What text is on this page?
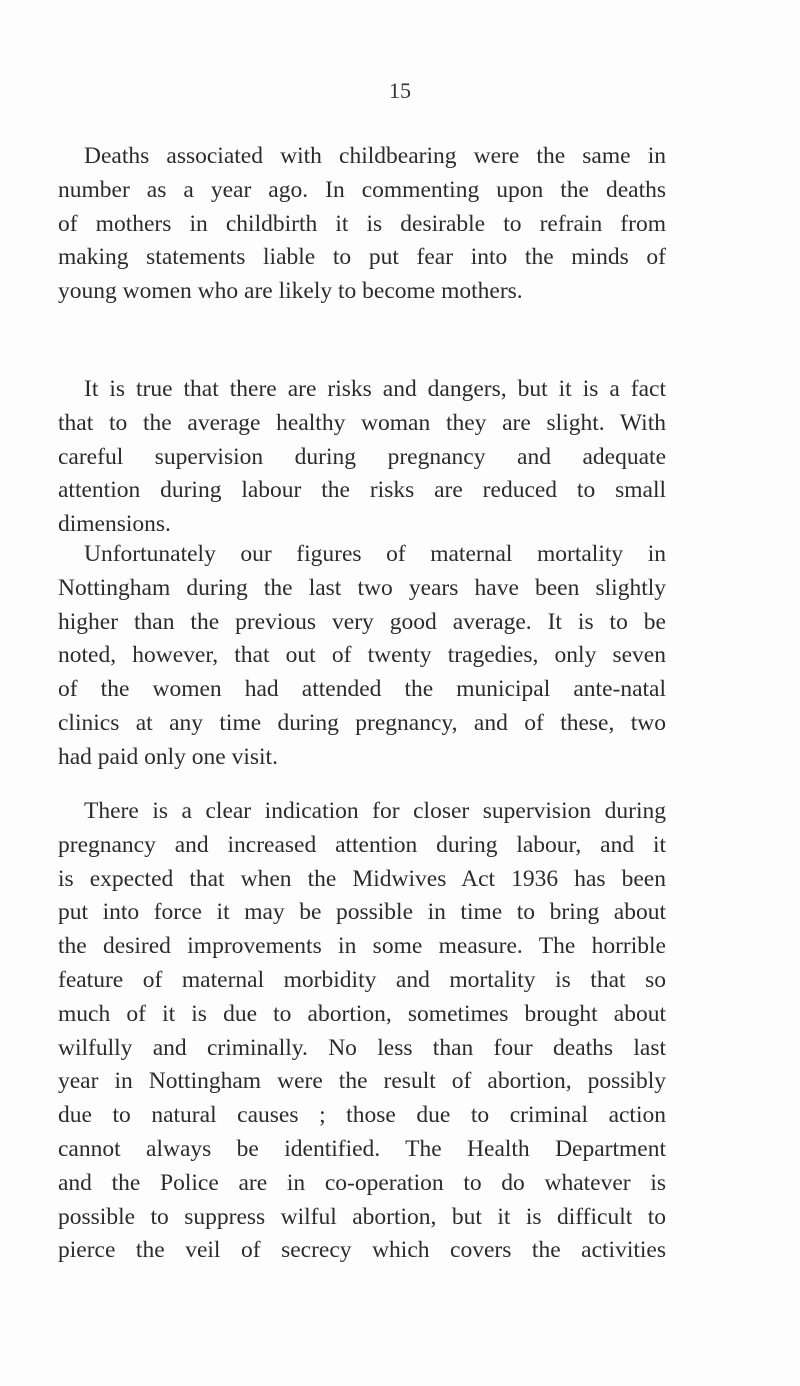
15
Deaths associated with childbearing were the same in
number as a year ago. In commenting upon the deaths
of mothers in childbirth it is desirable to refrain from
making statements liable to put fear into the minds of
young women who are likely to become mothers.
It is true that there are risks and dangers, but it is a fact
that to the average healthy woman they are slight. With
careful supervision during pregnancy and adequate
attention during labour the risks are reduced to small
dimensions.
Unfortunately our figures of maternal mortality in
Nottingham during the last two years have been slightly
higher than the previous very good average. It is to be
noted, however, that out of twenty tragedies, only seven
of the women had attended the municipal ante-natal
clinics at any time during pregnancy, and of these, two
had paid only one visit.
There is a clear indication for closer supervision during
pregnancy and increased attention during labour, and it
is expected that when the Midwives Act 1936 has been
put into force it may be possible in time to bring about
the desired improvements in some measure. The horrible
feature of maternal morbidity and mortality is that so
much of it is due to abortion, sometimes brought about
wilfully and criminally. No less than four deaths last
year in Nottingham were the result of abortion, possibly
due to natural causes ; those due to criminal action
cannot always be identified. The Health Department
and the Police are in co-operation to do whatever is
possible to suppress wilful abortion, but it is difficult to
pierce the veil of secrecy which covers the activities
